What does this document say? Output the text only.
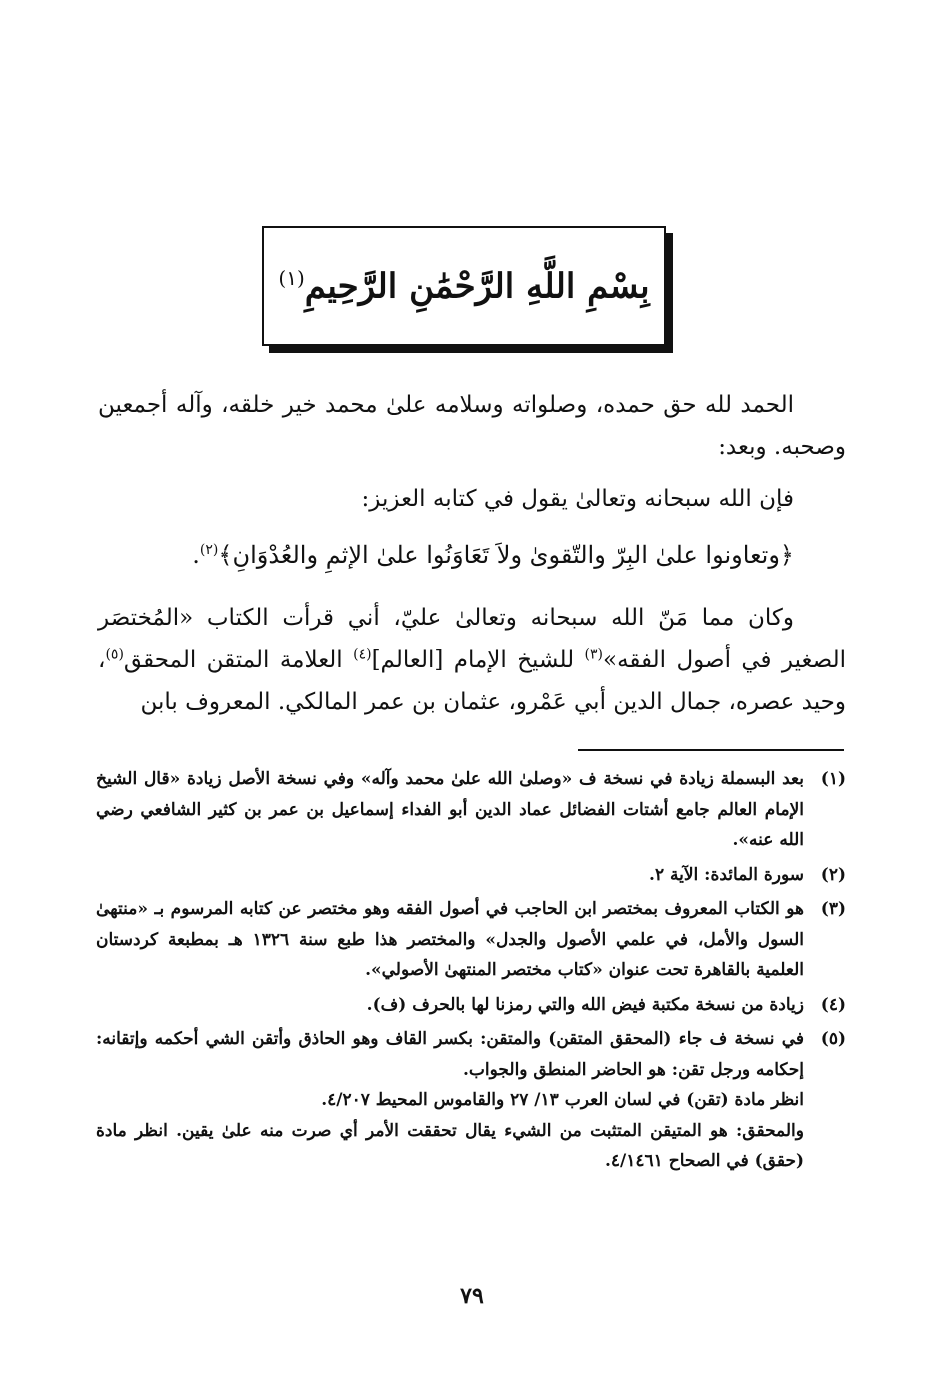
بِسْمِ اللَّهِ الرَّحْمَٰنِ الرَّحِيمِ$^{(١)}$

الحمد لله حق حمده، وصلواته وسلامه علىٰ محمد خير خلقه، وآله أجمعين وصحبه. وبعد:

فإن الله سبحانه وتعالىٰ يقول في كتابه العزيز:

﴿وتعاونوا علىٰ البِرّ والتّقوىٰ ولاَ تَعَاوَنُوا علىٰ الإثمِ والعُدْوَانِ﴾$^{(٢)}$.

وكان مما مَنّ الله سبحانه وتعالىٰ عليّ، أني قرأت الكتاب «المُختصَر الصغير في أصول الفقه»$^{(٣)}$ للشيخ الإمام [العالم]$^{(٤)}$ العلامة المتقن المحقق$^{(٥)}$، وحيد عصره، جمال الدين أبي عَمْرو، عثمان بن عمر المالكي. المعروف بابن

(١)
بعد البسملة زيادة في نسخة ف «وصلىٰ الله علىٰ محمد وآله» وفي نسخة الأصل زيادة «قال الشيخ الإمام العالم جامع أشتات الفضائل عماد الدين أبو الفداء إسماعيل بن عمر بن كثير الشافعي رضي الله عنه».
(٢)
سورة المائدة: الآية ٢.
(٣)
هو الكتاب المعروف بمختصر ابن الحاجب في أصول الفقه وهو مختصر عن كتابه المرسوم بـ «منتهىٰ السول والأمل، في علمي الأصول والجدل» والمختصر هذا طبع سنة ١٣٢٦ هـ بمطبعة كردستان العلمية بالقاهرة تحت عنوان «كتاب مختصر المنتهىٰ الأصولي».
(٤)
زيادة من نسخة مكتبة فيض الله والتي رمزنا لها بالحرف (ف).
(٥)
في نسخة ف جاء (المحقق المتقن) والمتقن: بكسر القاف وهو الحاذق وأتقن الشي أحكمه وإتقانه: إحكامه ورجل تقن: هو الحاضر المنطق والجواب.
انظر مادة (تقن) في لسان العرب ١٣/ ٢٧ والقاموس المحيط ٤/٢٠٧.
والمحقق: هو المتيقن المتثبت من الشيء يقال تحققت الأمر أي صرت منه علىٰ يقين. انظر مادة (حقق) في الصحاح ٤/١٤٦١.
٧٩
